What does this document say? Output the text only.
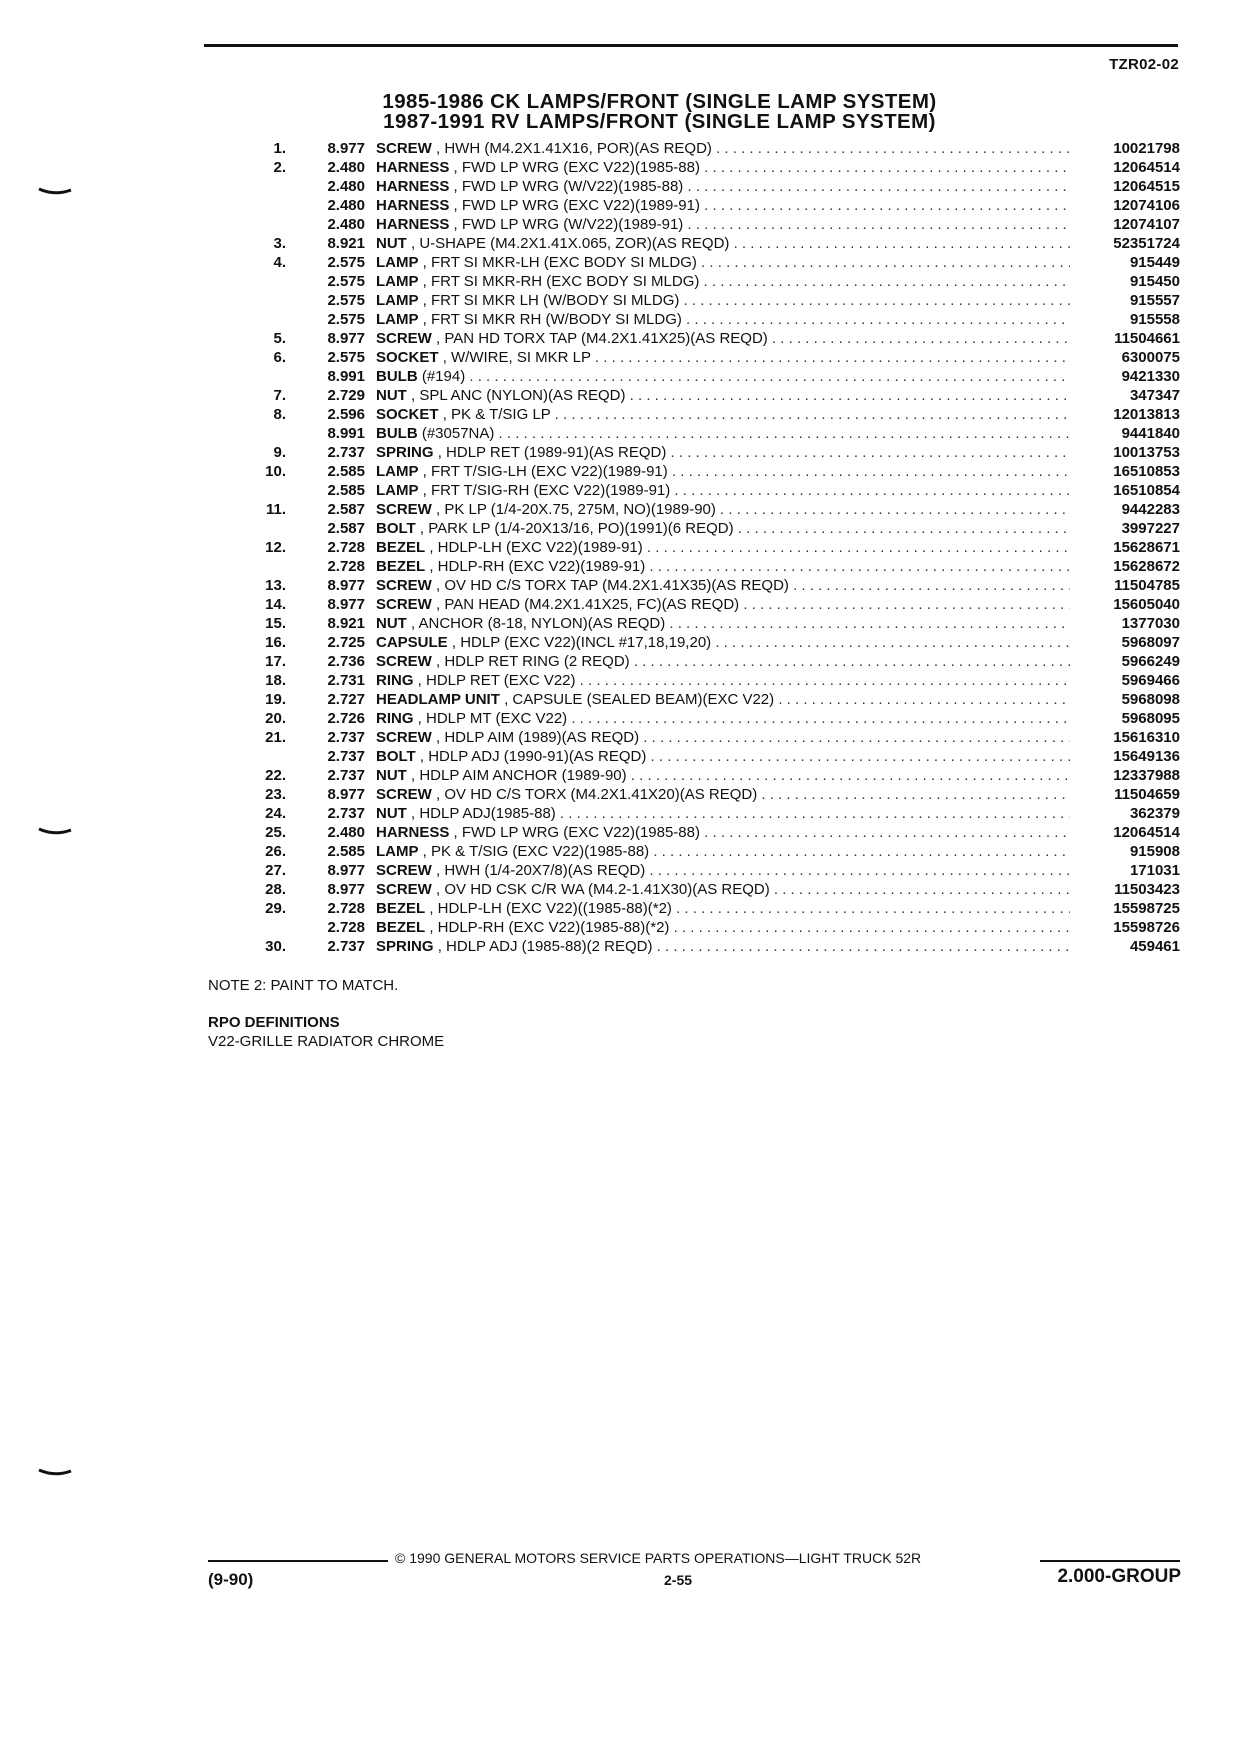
TZR02-02
1985-1986 CK LAMPS/FRONT (SINGLE LAMP SYSTEM)
1987-1991 RV LAMPS/FRONT (SINGLE LAMP SYSTEM)
1.	8.977 SCREW , HWH (M4.2X1.41X16, POR)(AS REQD) . . .	10021798
2.	2.480 HARNESS , FWD LP WRG (EXC V22)(1985-88) . . .	12064514
2.480 HARNESS , FWD LP WRG (W/V22)(1985-88) . . .	12064515
2.480 HARNESS , FWD LP WRG (EXC V22)(1989-91) . . .	12074106
2.480 HARNESS , FWD LP WRG (W/V22)(1989-91) . . .	12074107
3.	8.921 NUT , U-SHAPE (M4.2X1.41X.065, ZOR)(AS REQD) . . .	52351724
4.	2.575 LAMP , FRT SI MKR-LH (EXC BODY SI MLDG) . . .	915449
2.575 LAMP , FRT SI MKR-RH (EXC BODY SI MLDG) . . .	915450
2.575 LAMP , FRT SI MKR LH (W/BODY SI MLDG) . . .	915557
2.575 LAMP , FRT SI MKR RH (W/BODY SI MLDG) . . .	915558
5.	8.977 SCREW , PAN HD TORX TAP (M4.2X1.41X25)(AS REQD) . . .	11504661
6.	2.575 SOCKET , W/WIRE, SI MKR LP . . .	6300075
8.991 BULB (#194) . . .	9421330
7.	2.729 NUT , SPL ANC (NYLON)(AS REQD) . . .	347347
8.	2.596 SOCKET , PK & T/SIG LP . . .	12013813
8.991 BULB (#3057NA) . . .	9441840
9.	2.737 SPRING , HDLP RET (1989-91)(AS REQD) . . .	10013753
10.	2.585 LAMP , FRT T/SIG-LH (EXC V22)(1989-91) . . .	16510853
2.585 LAMP , FRT T/SIG-RH (EXC V22)(1989-91) . . .	16510854
11.	2.587 SCREW , PK LP (1/4-20X.75, 275M, NO)(1989-90) . . .	9442283
2.587 BOLT , PARK LP (1/4-20X13/16, PO)(1991)(6 REQD) . . .	3997227
12.	2.728 BEZEL , HDLP-LH (EXC V22)(1989-91) . . .	15628671
2.728 BEZEL , HDLP-RH (EXC V22)(1989-91) . . .	15628672
13.	8.977 SCREW , OV HD C/S TORX TAP (M4.2X1.41X35)(AS REQD) . . .	11504785
14.	8.977 SCREW , PAN HEAD (M4.2X1.41X25, FC)(AS REQD) . . .	15605040
15.	8.921 NUT , ANCHOR (8-18, NYLON)(AS REQD) . . .	1377030
16.	2.725 CAPSULE , HDLP (EXC V22)(INCL #17,18,19,20) . . .	5968097
17.	2.736 SCREW , HDLP RET RING (2 REQD) . . .	5966249
18.	2.731 RING , HDLP RET (EXC V22) . . .	5969466
19.	2.727 HEADLAMP UNIT , CAPSULE (SEALED BEAM)(EXC V22) . . .	5968098
20.	2.726 RING , HDLP MT (EXC V22) . . .	5968095
21.	2.737 SCREW , HDLP AIM (1989)(AS REQD) . . .	15616310
2.737 BOLT , HDLP ADJ (1990-91)(AS REQD) . . .	15649136
22.	2.737 NUT , HDLP AIM ANCHOR (1989-90) . . .	12337988
23.	8.977 SCREW , OV HD C/S TORX (M4.2X1.41X20)(AS REQD) . . .	11504659
24.	2.737 NUT , HDLP ADJ(1985-88) . . .	362379
25.	2.480 HARNESS , FWD LP WRG (EXC V22)(1985-88) . . .	12064514
26.	2.585 LAMP , PK & T/SIG (EXC V22)(1985-88) . . .	915908
27.	8.977 SCREW , HWH (1/4-20X7/8)(AS REQD) . . .	171031
28.	8.977 SCREW , OV HD CSK C/R WA (M4.2-1.41X30)(AS REQD) . . .	11503423
29.	2.728 BEZEL , HDLP-LH (EXC V22)((1985-88)(*2) . . .	15598725
2.728 BEZEL , HDLP-RH (EXC V22)(1985-88)(*2) . . .	15598726
30.	2.737 SPRING , HDLP ADJ (1985-88)(2 REQD) . . .	459461
NOTE 2: PAINT TO MATCH.
RPO DEFINITIONS
V22-GRILLE RADIATOR CHROME
© 1990 GENERAL MOTORS SERVICE PARTS OPERATIONS—LIGHT TRUCK 52R
(9-90)	2-55	2.000-GROUP
